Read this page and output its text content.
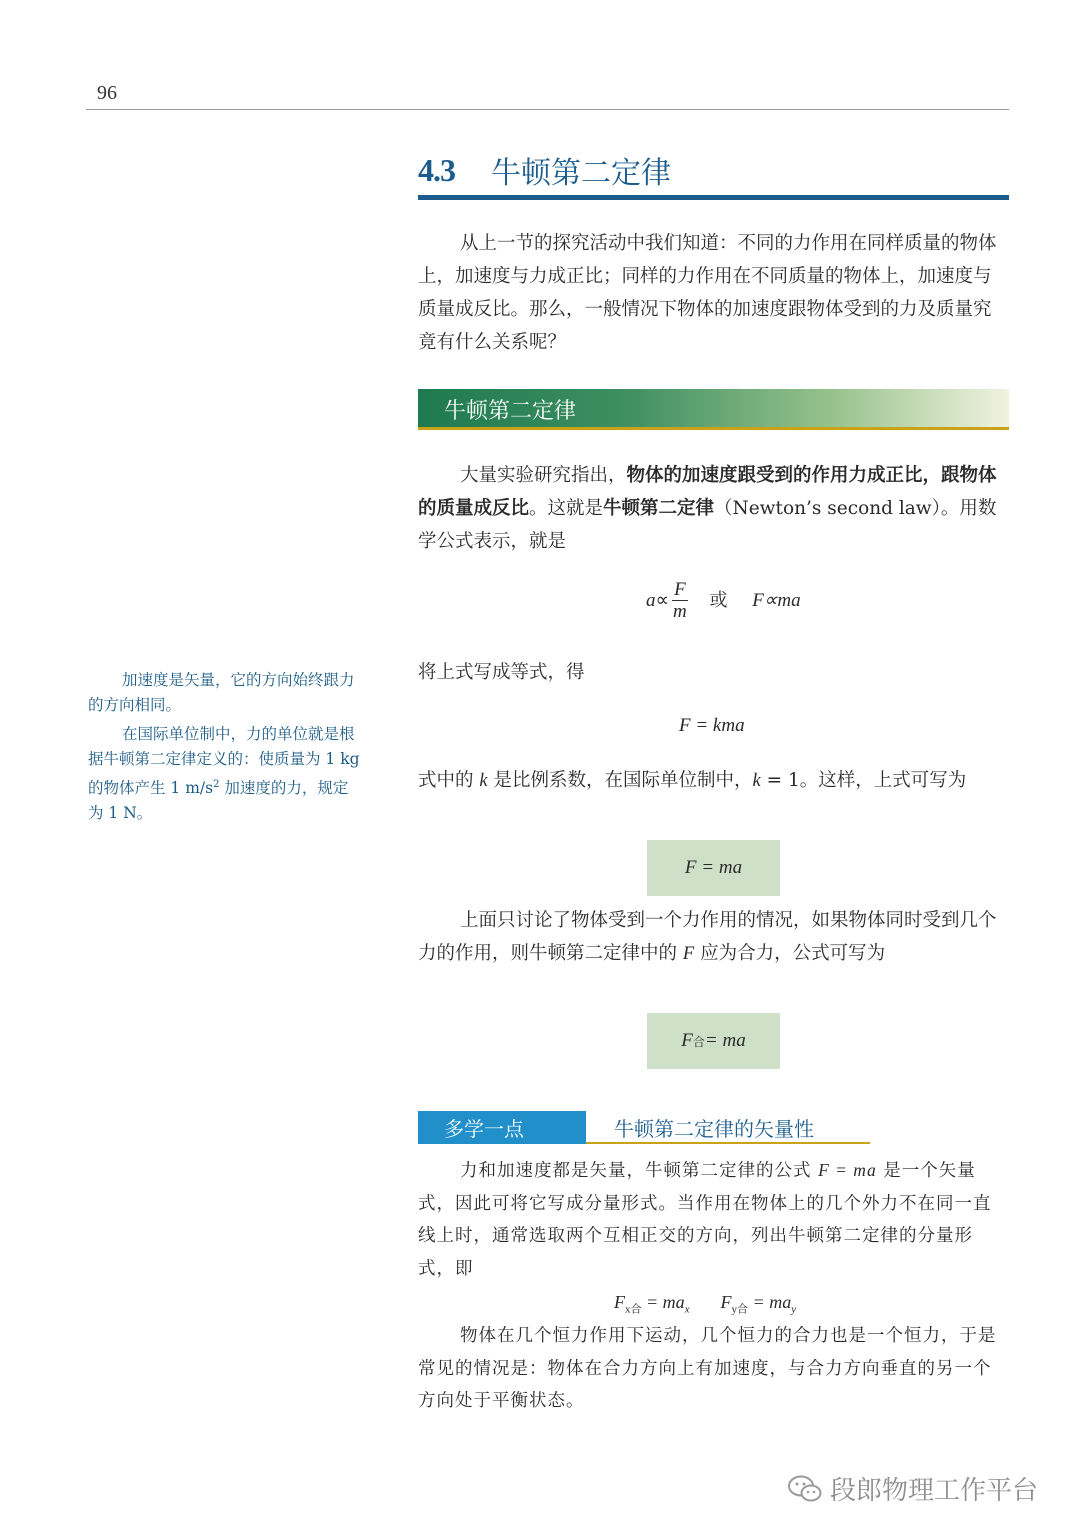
96
4.3 牛顿第二定律

从上一节的探究活动中我们知道：不同的力作用在同样质量的物体上，加速度与力成正比；同样的力作用在不同质量的物体上，加速度与质量成反比。那么，一般情况下物体的加速度跟物体受到的力及质量究竟有什么关系呢？

牛顿第二定律

大量实验研究指出，物体的加速度跟受到的作用力成正比，跟物体的质量成反比。这就是牛顿第二定律（Newton’s second law）。用数学公式表示，就是

$a\propto \frac{F}{m}$ 或 F∝ma

将上式写成等式，得

F = kma

式中的 k 是比例系数，在国际单位制中，k = 1。这样，上式可写为

F = ma

上面只讨论了物体受到一个力作用的情况，如果物体同时受到几个力的作用，则牛顿第二定律中的 F 应为合力，公式可写为

F 合 = ma

加速度是矢量，它的方向始终跟力的方向相同。

在国际单位制中，力的单位就是根据牛顿第二定律定义的：使质量为 1 kg 的物体产生 1 $m/s^2$ 加速度的力，规定为 1 N。

多学一点	牛顿第二定律的矢量性

力和加速度都是矢量，牛顿第二定律的公式 F = ma 是一个矢量式，因此可将它写成分量形式。当作用在物体上的几个外力不在同一直线上时，通常选取两个互相正交的方向，列出牛顿第二定律的分量形式，即

$F_{x合} = ma_x$ $F_{y合} = ma_y$

物体在几个恒力作用下运动，几个恒力的合力也是一个恒力，于是常见的情况是：物体在合力方向上有加速度，与合力方向垂直的另一个方向处于平衡状态。

段郎物理工作平台
